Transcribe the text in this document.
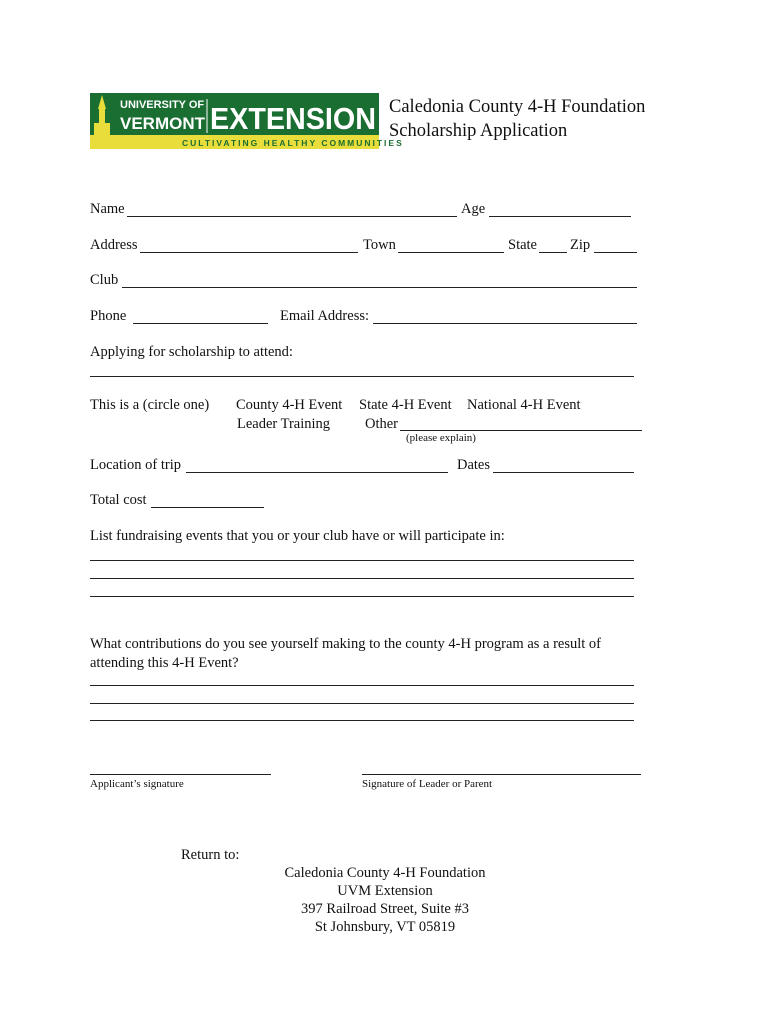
UNIVERSITY OF
VERMONT EXTENSION
CULTIVATING HEALTHY COMMUNITIES
Caledonia County 4-H Foundation
Scholarship Application
Name	Age
Address	Town	State Zip
Club
Phone	Email Address:
Applying for scholarship to attend:
This is a (circle one) County 4-H Event State 4-H Event National 4-H Event
Leader Training Other
(please explain)
Location of trip	Dates
Total cost
List fundraising events that you or your club have or will participate in:
What contributions do you see yourself making to the county 4-H program as a result of
attending this 4-H Event?
Applicant’s signature	Signature of Leader or Parent
Return to:
Caledonia County 4-H Foundation
UVM Extension
397 Railroad Street, Suite #3
St Johnsbury, VT 05819
